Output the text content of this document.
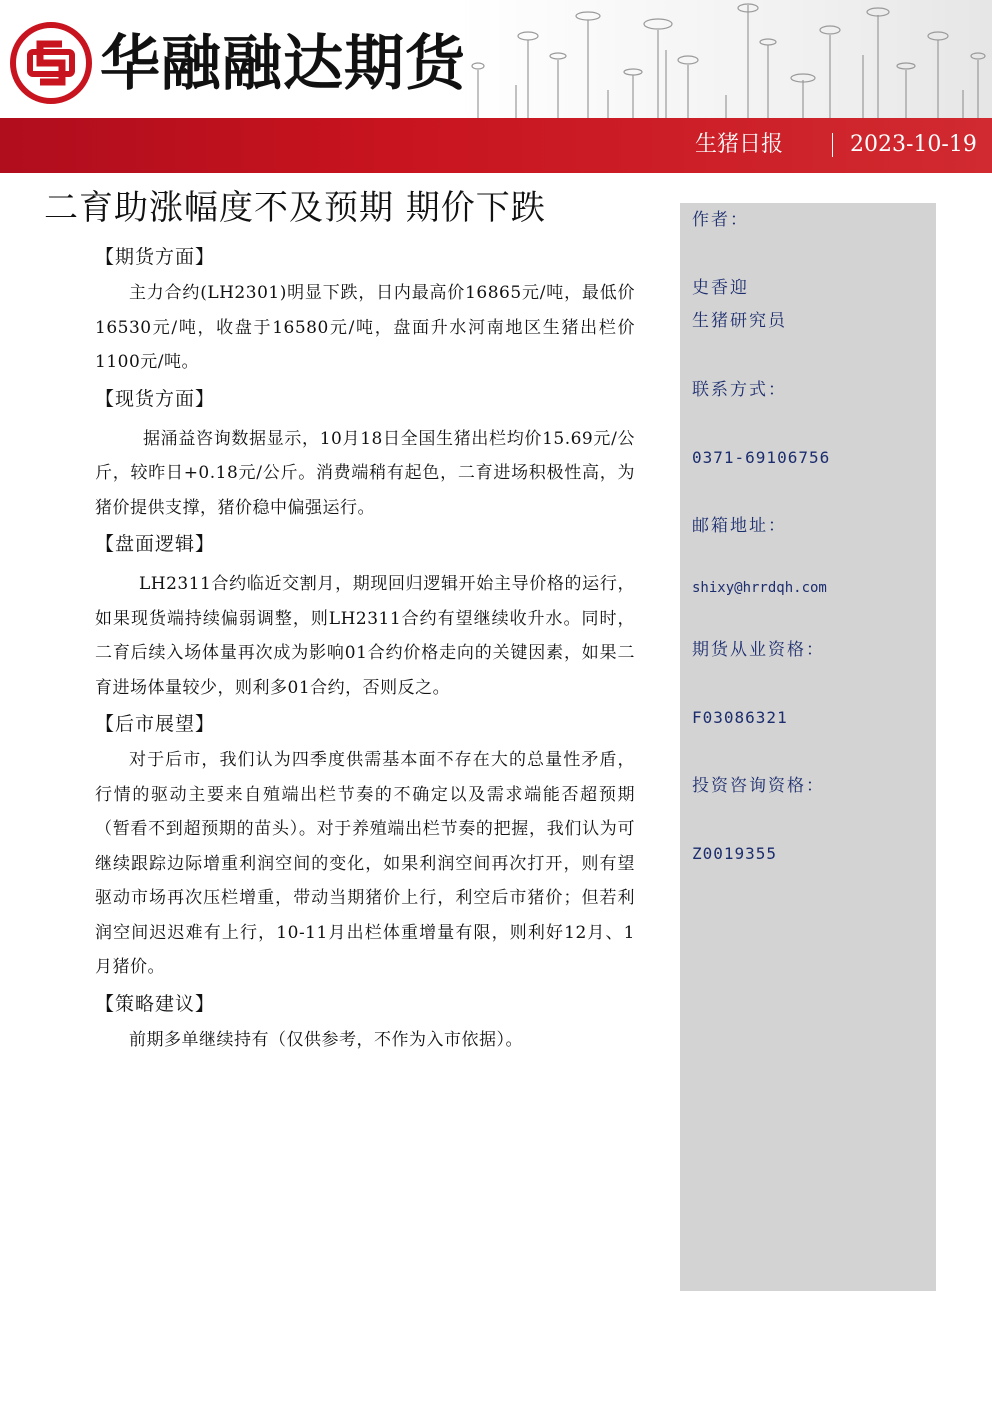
华融融达期货
生猪日报	2023-10-19
二育助涨幅度不及预期 期价下跌
【期货方面】
主力合约(LH2301)明显下跌，日内最高价16865元/吨，最低价16530元/吨，收盘于16580元/吨，盘面升水河南地区生猪出栏价1100元/吨。
【现货方面】
据涌益咨询数据显示，10月18日全国生猪出栏均价15.69元/公斤，较昨日+0.18元/公斤。消费端稍有起色，二育进场积极性高，为猪价提供支撑，猪价稳中偏强运行。
【盘面逻辑】
LH2311合约临近交割月，期现回归逻辑开始主导价格的运行，如果现货端持续偏弱调整，则LH2311合约有望继续收升水。同时，二育后续入场体量再次成为影响01合约价格走向的关键因素，如果二育进场体量较少，则利多01合约，否则反之。
【后市展望】
对于后市，我们认为四季度供需基本面不存在大的总量性矛盾，行情的驱动主要来自殖端出栏节奏的不确定以及需求端能否超预期（暂看不到超预期的苗头）。对于养殖端出栏节奏的把握，我们认为可继续跟踪边际增重利润空间的变化，如果利润空间再次打开，则有望驱动市场再次压栏增重，带动当期猪价上行，利空后市猪价；但若利润空间迟迟难有上行，10-11月出栏体重增量有限，则利好12月、1月猪价。
【策略建议】
前期多单继续持有（仅供参考，不作为入市依据）。
作者：
史香迎
生猪研究员
联系方式：
0371-69106756
邮箱地址：
shixy@hrrdqh.com
期货从业资格：
F03086321
投资咨询资格：
Z0019355
